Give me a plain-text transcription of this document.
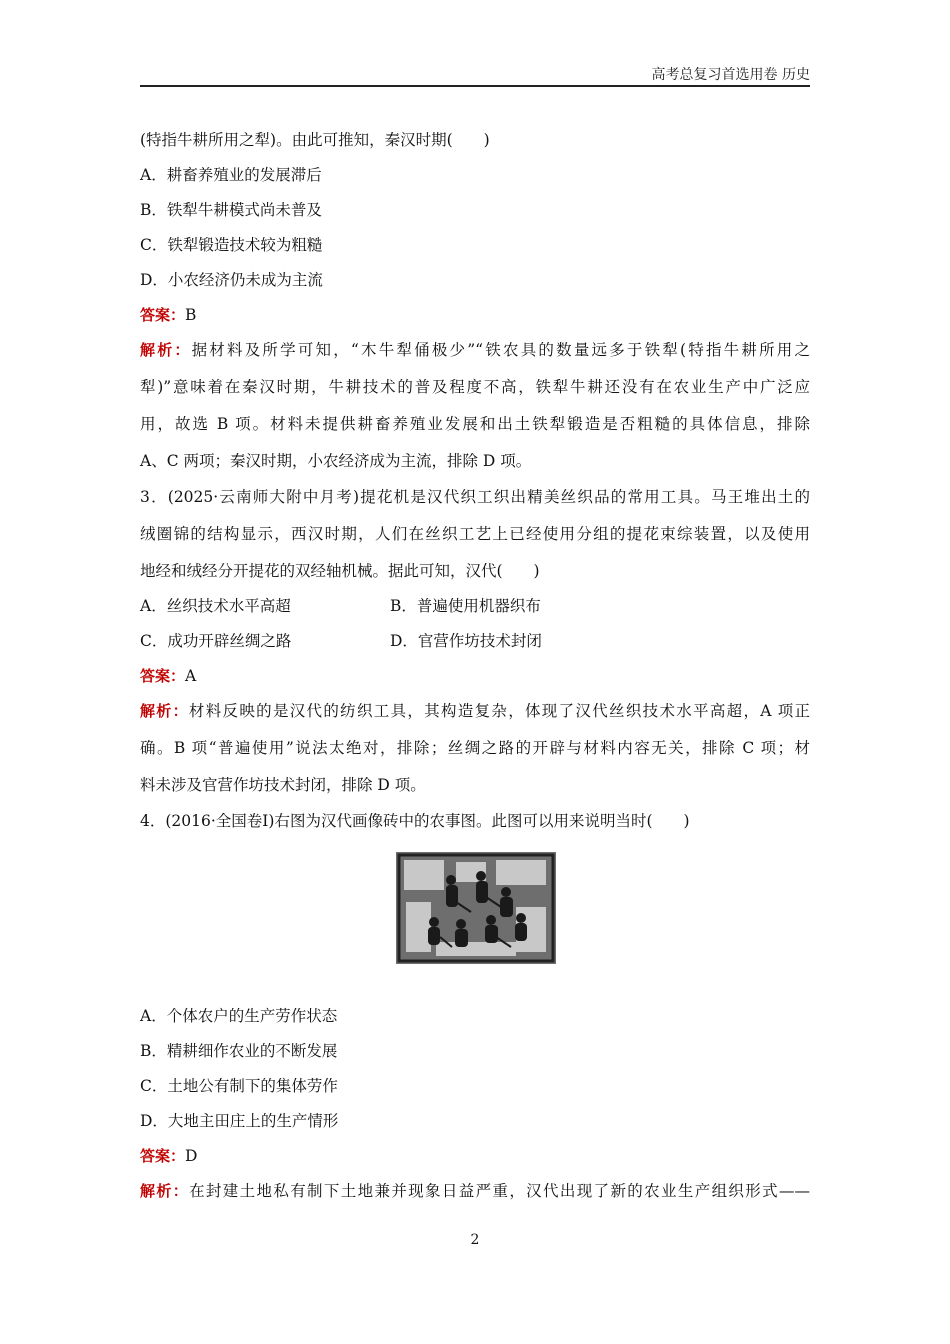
高考总复习首选用卷 历史
(特指牛耕所用之犁)。由此可推知，秦汉时期(　　)
A．耕畜养殖业的发展滞后
B．铁犁牛耕模式尚未普及
C．铁犁锻造技术较为粗糙
D．小农经济仍未成为主流
答案：B
解析：据材料及所学可知，“木牛犁俑极少”“铁农具的数量远多于铁犁(特指牛耕所用之
犁)”意味着在秦汉时期，牛耕技术的普及程度不高，铁犁牛耕还没有在农业生产中广泛应
用，故选 B 项。材料未提供耕畜养殖业发展和出土铁犁锻造是否粗糙的具体信息，排除
A、C 两项；秦汉时期，小农经济成为主流，排除 D 项。
3．(2025·云南师大附中月考)提花机是汉代织工织出精美丝织品的常用工具。马王堆出土的
绒圈锦的结构显示，西汉时期，人们在丝织工艺上已经使用分组的提花束综装置，以及使用
地经和绒经分开提花的双经轴机械。据此可知，汉代(　　)
A．丝织技术水平高超	B．普遍使用机器织布
C．成功开辟丝绸之路	D．官营作坊技术封闭
答案：A
解析：材料反映的是汉代的纺织工具，其构造复杂，体现了汉代丝织技术水平高超，A 项正
确。B 项“普遍使用”说法太绝对，排除；丝绸之路的开辟与材料内容无关，排除 C 项；材
料未涉及官营作坊技术封闭，排除 D 项。
4．(2016·全国卷Ⅰ)右图为汉代画像砖中的农事图。此图可以用来说明当时(　　)
A．个体农户的生产劳作状态
B．精耕细作农业的不断发展
C．土地公有制下的集体劳作
D．大地主田庄上的生产情形
答案：D
解析：在封建土地私有制下土地兼并现象日益严重，汉代出现了新的农业生产组织形式——
2
